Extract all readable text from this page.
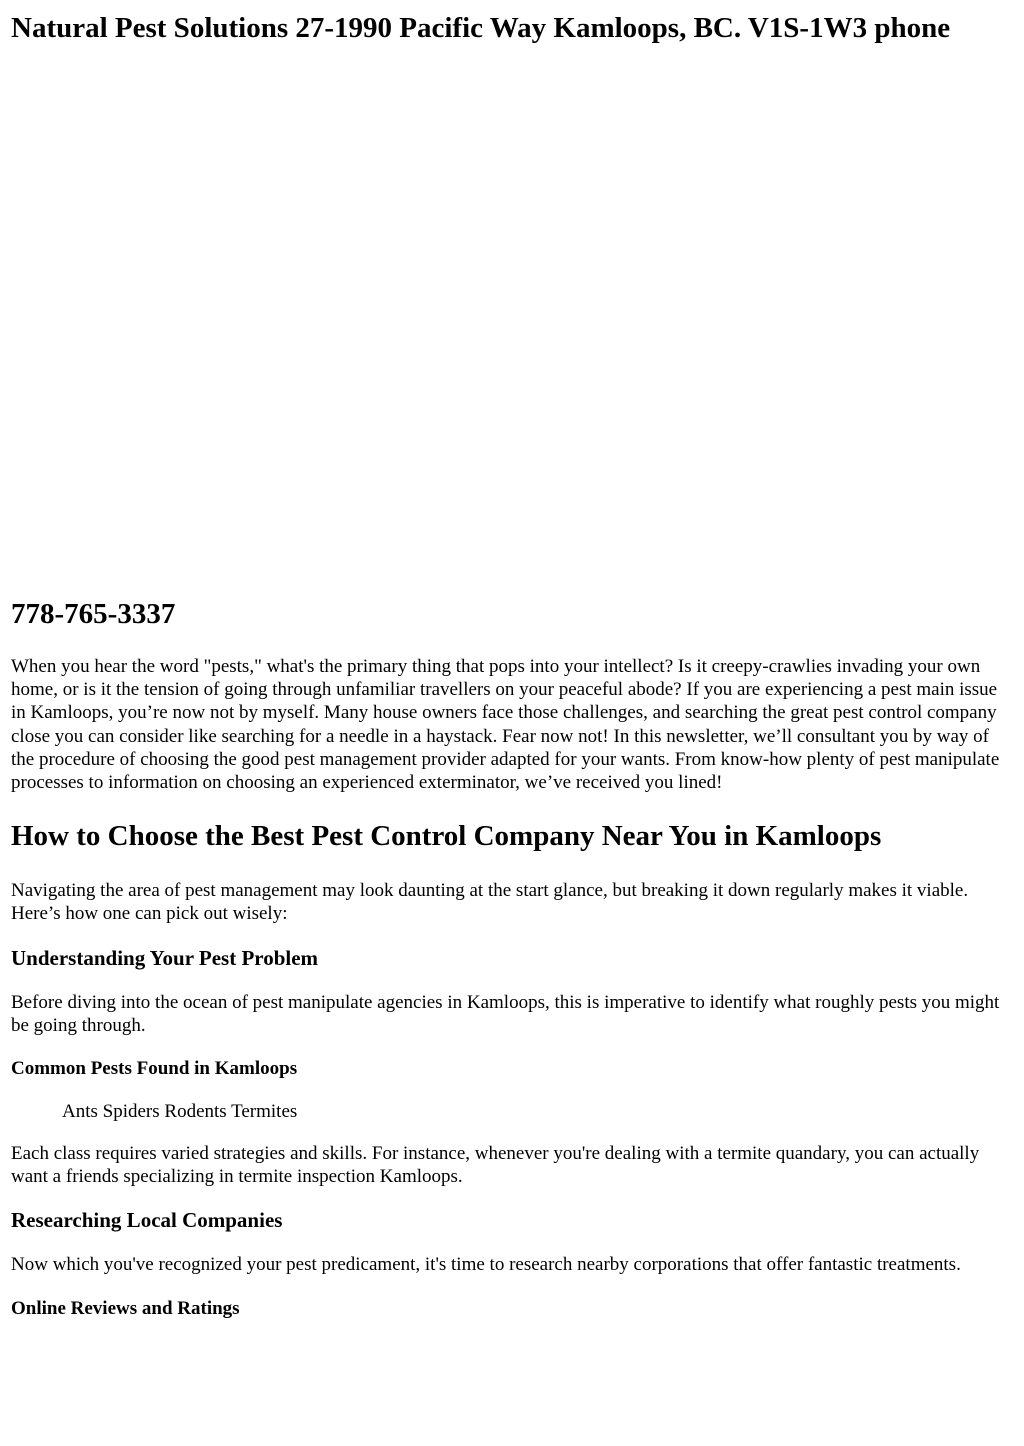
Natural Pest Solutions 27-1990 Pacific Way Kamloops, BC. V1S-1W3 phone
778-765-3337

When you hear the word "pests," what's the primary thing that pops into your intellect? Is it creepy-crawlies invading your own home, or is it the tension of going through unfamiliar travellers on your peaceful abode? If you are experiencing a pest main issue in Kamloops, you’re now not by myself. Many house owners face those challenges, and searching the great pest control company close you can consider like searching for a needle in a haystack. Fear now not! In this newsletter, we’ll consultant you by way of the procedure of choosing the good pest management provider adapted for your wants. From know-how plenty of pest manipulate processes to information on choosing an experienced exterminator, we’ve received you lined!

How to Choose the Best Pest Control Company Near You in Kamloops

Navigating the area of pest management may look daunting at the start glance, but breaking it down regularly makes it viable. Here’s how one can pick out wisely:

Understanding Your Pest Problem

Before diving into the ocean of pest manipulate agencies in Kamloops, this is imperative to identify what roughly pests you might be going through.

Common Pests Found in Kamloops
Ants Spiders Rodents Termites

Each class requires varied strategies and skills. For instance, whenever you're dealing with a termite quandary, you can actually want a friends specializing in termite inspection Kamloops.

Researching Local Companies

Now which you've recognized your pest predicament, it's time to research nearby corporations that offer fantastic treatments.

Online Reviews and Ratings
